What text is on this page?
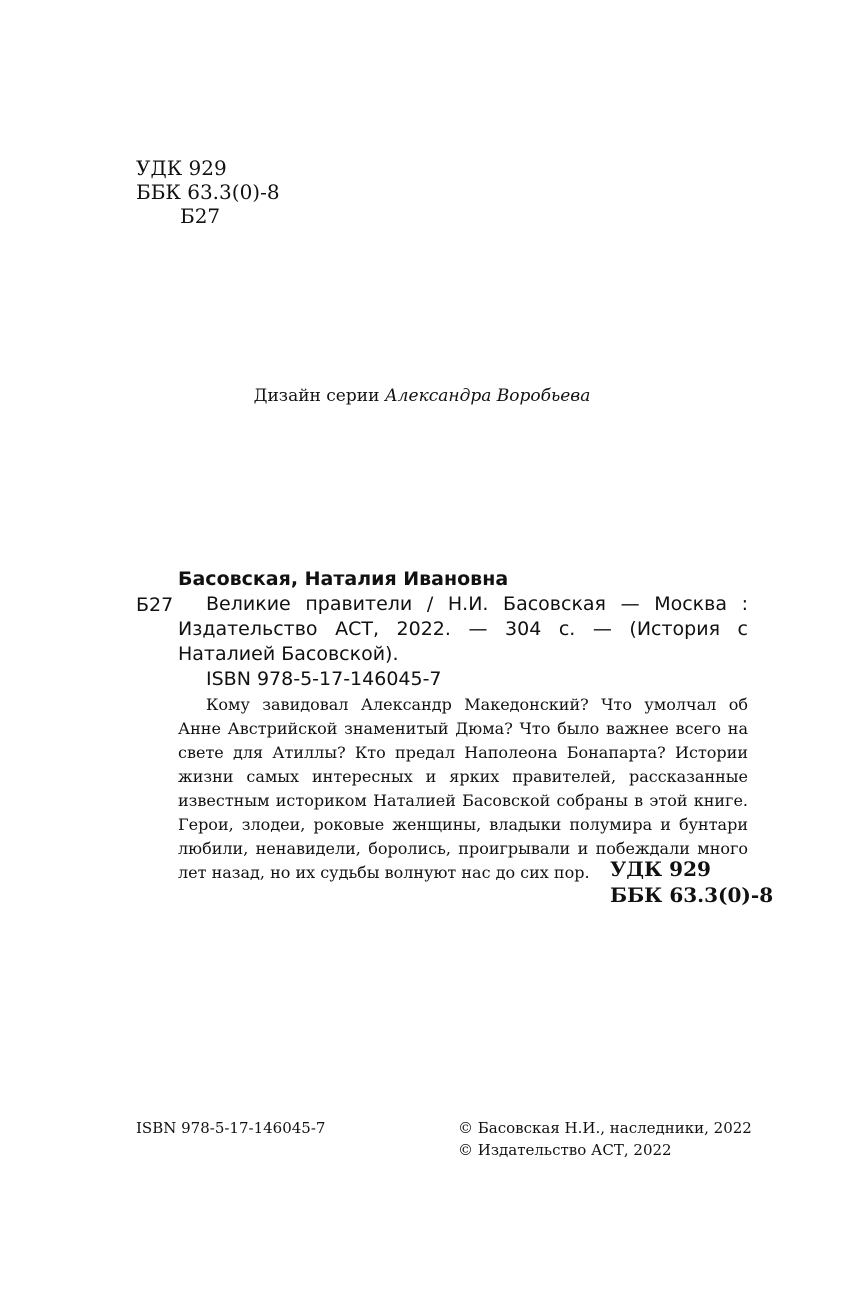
УДК 929
ББК 63.3(0)-8
Б27
Дизайн серии Александра Воробьева
Басовская, Наталия Ивановна
Б27	Великие правители / Н.И. Басовская — Москва : Издательство АСТ, 2022. — 304 с. — (История с Наталией Басовской).
ISBN 978-5-17-146045-7
Кому завидовал Александр Македонский? Что умолчал об Анне Австрийской знаменитый Дюма? Что было важнее всего на свете для Атиллы? Кто предал Наполеона Бонапарта? Истории жизни самых интересных и ярких правителей, рассказанные известным историком Наталией Басовской собраны в этой книге. Герои, злодеи, роковые женщины, владыки полумира и бунтари любили, ненавидели, боролись, проигрывали и побеждали много лет назад, но их судьбы волнуют нас до сих пор.	УДК 929
ББК 63.3(0)-8
ISBN 978-5-17-146045-7	© Басовская Н.И., наследники, 2022
© Издательство АСТ, 2022
